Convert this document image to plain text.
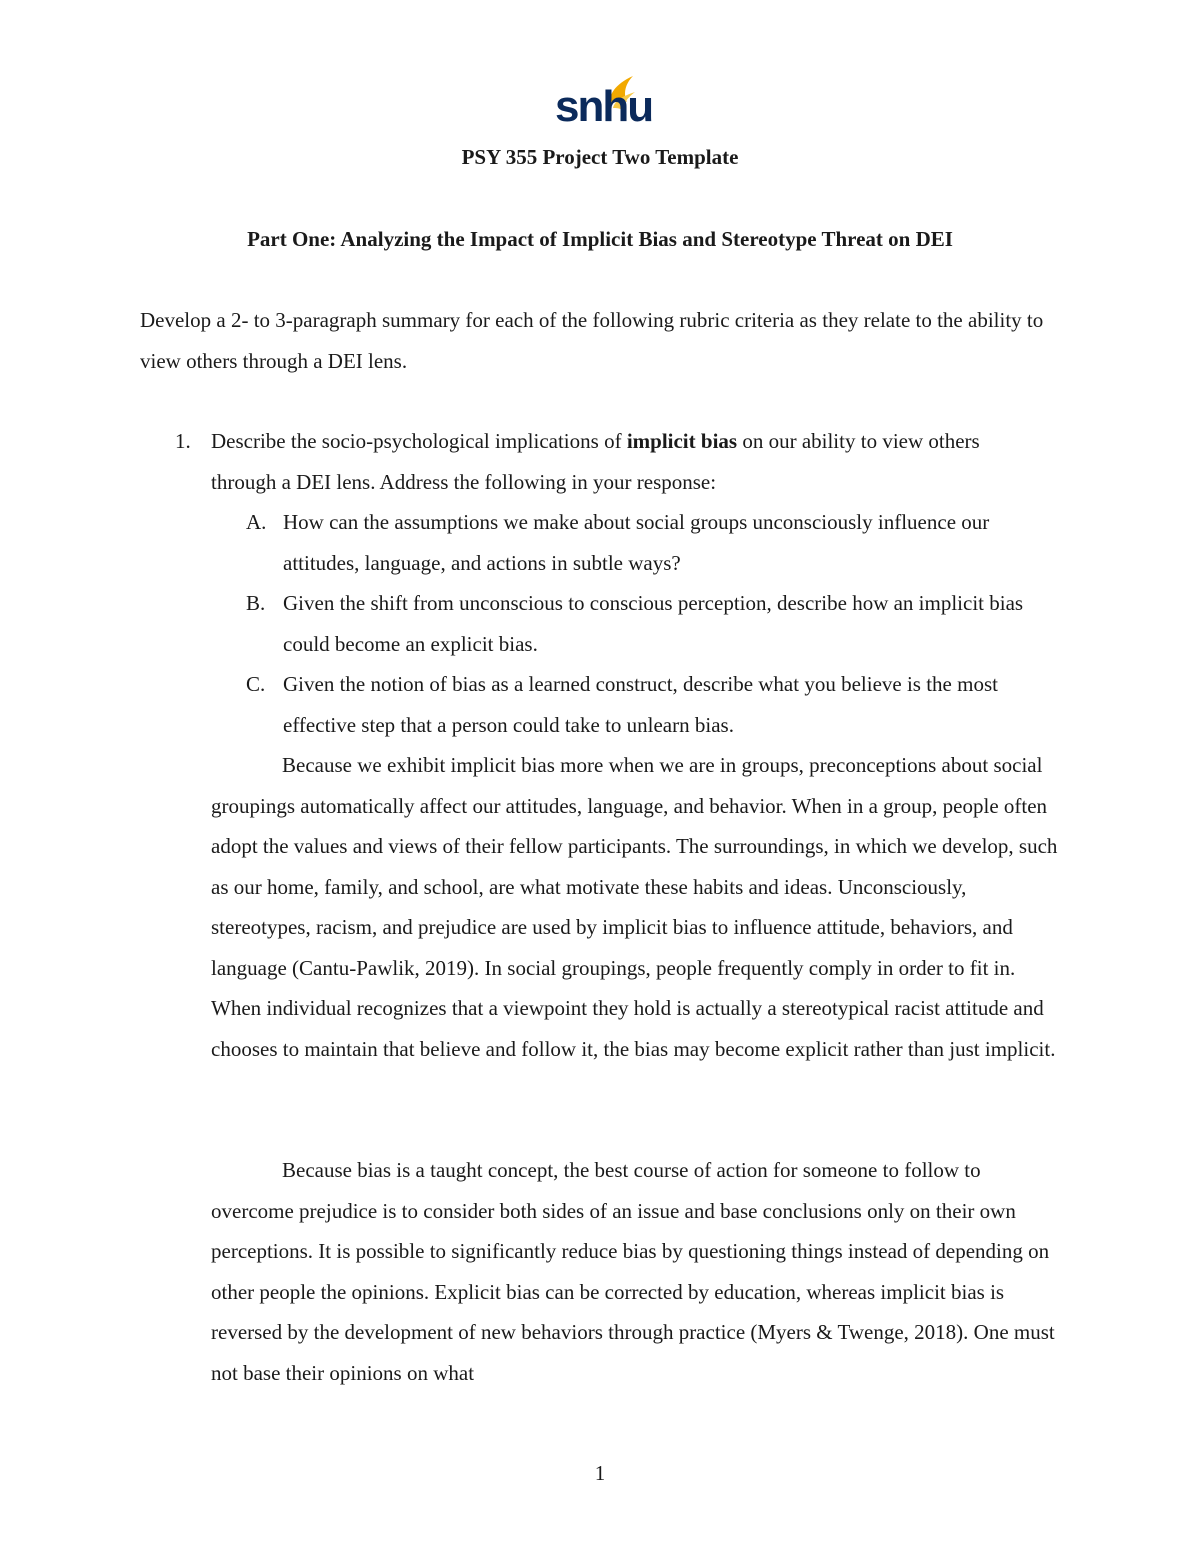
snhu
PSY 355 Project Two Template
Part One: Analyzing the Impact of Implicit Bias and Stereotype Threat on DEI

Develop a 2- to 3-paragraph summary for each of the following rubric criteria as they relate to the ability to view others through a DEI lens.

1. Describe the socio-psychological implications of implicit bias on our ability to view others through a DEI lens. Address the following in your response:

A. How can the assumptions we make about social groups unconsciously influence our attitudes, language, and actions in subtle ways?

B. Given the shift from unconscious to conscious perception, describe how an implicit bias could become an explicit bias.

C. Given the notion of bias as a learned construct, describe what you believe is the most effective step that a person could take to unlearn bias.

Because we exhibit implicit bias more when we are in groups, preconceptions about social groupings automatically affect our attitudes, language, and behavior. When in a group, people often adopt the values and views of their fellow participants. The surroundings, in which we develop, such as our home, family, and school, are what motivate these habits and ideas. Unconsciously, stereotypes, racism, and prejudice are used by implicit bias to influence attitude, behaviors, and language (Cantu-Pawlik, 2019). In social groupings, people frequently comply in order to fit in. When individual recognizes that a viewpoint they hold is actually a stereotypical racist attitude and chooses to maintain that believe and follow it, the bias may become explicit rather than just implicit.

Because bias is a taught concept, the best course of action for someone to follow to overcome prejudice is to consider both sides of an issue and base conclusions only on their own perceptions. It is possible to significantly reduce bias by questioning things instead of depending on other people the opinions. Explicit bias can be corrected by education, whereas implicit bias is reversed by the development of new behaviors through practice (Myers & Twenge, 2018). One must not base their opinions on what

1
